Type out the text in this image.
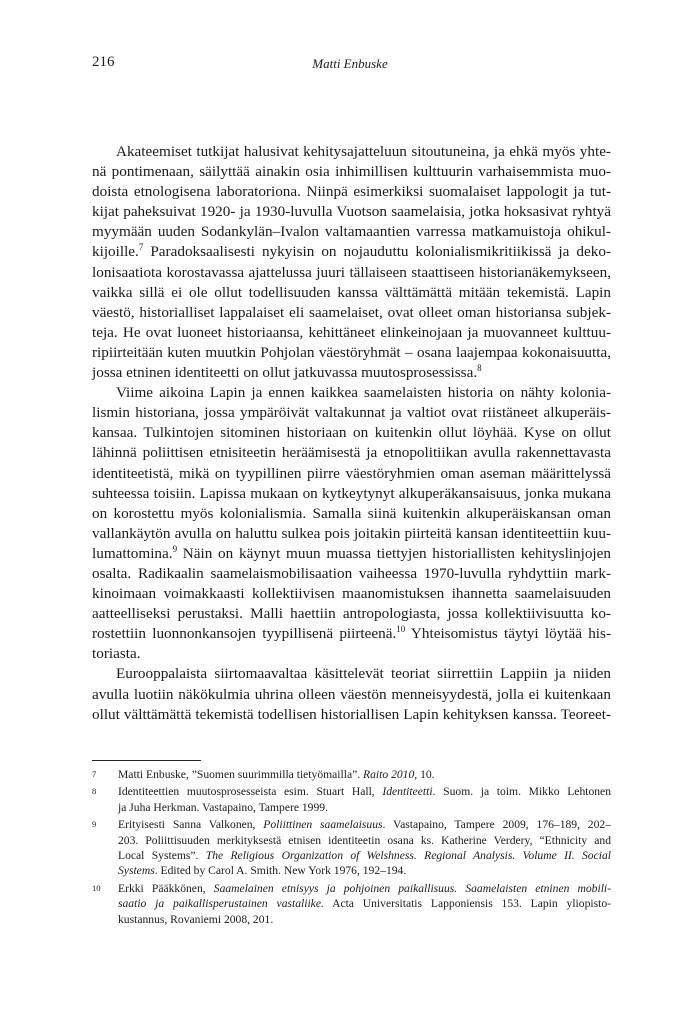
216	Matti Enbuske
Akateemiset tutkijat halusivat kehitysajatteluun sitoutuneina, ja ehkä myös yhte-
nä pontimenaan, säilyttää ainakin osia inhimillisen kulttuurin varhaisemmista muo-
doista etnologisena laboratoriona. Niinpä esimerkiksi suomalaiset lappologit ja tut-
kijat paheksuivat 1920- ja 1930-luvulla Vuotson saamelaisia, jotka hoksasivat ryhtyä
myymään uuden Sodankylän–Ivalon valtamaantien varressa matkamuistoja ohikul-
kijoille.$^7$ Paradoksaalisesti nykyisin on nojauduttu kolonialismikritiikissä ja deko-
lonisaatiota korostavassa ajattelussa juuri tällaiseen staattiseen historianäkemykseen,
vaikka sillä ei ole ollut todellisuuden kanssa välttämättä mitään tekemistä. Lapin
väestö, historialliset lappalaiset eli saamelaiset, ovat olleet oman historiansa subjek-
teja. He ovat luoneet historiaansa, kehittäneet elinkeinojaan ja muovanneet kulttuu-
ripiirteitään kuten muutkin Pohjolan väestöryhmät – osana laajempaa kokonaisuutta,
jossa etninen identiteetti on ollut jatkuvassa muutosprosessissa.$^8$
Viime aikoina Lapin ja ennen kaikkea saamelaisten historia on nähty kolonia-
lismin historiana, jossa ympäröivät valtakunnat ja valtiot ovat riistäneet alkuperäis-
kansaa. Tulkintojen sitominen historiaan on kuitenkin ollut löyhää. Kyse on ollut
lähinnä poliittisen etnisiteetin heräämisestä ja etnopolitiikan avulla rakennettavasta
identiteetistä, mikä on tyypillinen piirre väestöryhmien oman aseman määrittelyssä
suhteessa toisiin. Lapissa mukaan on kytkeytynyt alkuperäkansaisuus, jonka mukana
on korostettu myös kolonialismia. Samalla siinä kuitenkin alkuperäiskansan oman
vallankäytön avulla on haluttu sulkea pois joitakin piirteitä kansan identiteettiin kuu-
lumattomina.$^9$ Näin on käynyt muun muassa tiettyjen historiallisten kehityslinjojen
osalta. Radikaalin saamelaismobilisaation vaiheessa 1970-luvulla ryhdyttiin mark-
kinoimaan voimakkaasti kollektiivisen maanomistuksen ihannetta saamelaisuuden
aatteelliseksi perustaksi. Malli haettiin antropologiasta, jossa kollektiivisuutta ko-
rostettiin luonnonkansojen tyypillisenä piirteenä.$^{10}$ Yhteisomistus täytyi löytää his-
toriasta.
Eurooppalaista siirtomaavaltaa käsittelevät teoriat siirrettiin Lappiin ja niiden
avulla luotiin näkökulmia uhrina olleen väestön menneisyydestä, jolla ei kuitenkaan
ollut välttämättä tekemistä todellisen historiallisen Lapin kehityksen kanssa. Teoreet-
7 Matti Enbuske, ”Suomen suurimmilla tietyömailla”. Raito 2010, 10.
8 Identiteettien muutosprosesseista esim. Stuart Hall, Identiteetti. Suom. ja toim. Mikko Lehtonen
ja Juha Herkman. Vastapaino, Tampere 1999.
9 Erityisesti Sanna Valkonen, Poliittinen saamelaisuus. Vastapaino, Tampere 2009, 176–189, 202–
203. Poliittisuuden merkityksestä etnisen identiteetin osana ks. Katherine Verdery, “Ethnicity and
Local Systems”. The Religious Organization of Welshness. Regional Analysis. Volume II. Social
Systems. Edited by Carol A. Smith. New York 1976, 192–194.
10 Erkki Pääkkönen, Saamelainen etnisyys ja pohjoinen paikallisuus. Saamelaisten etninen mobili-
saatio ja paikallisperustainen vastaliike. Acta Universitatis Lapponiensis 153. Lapin yliopisto-
kustannus, Rovaniemi 2008, 201.
